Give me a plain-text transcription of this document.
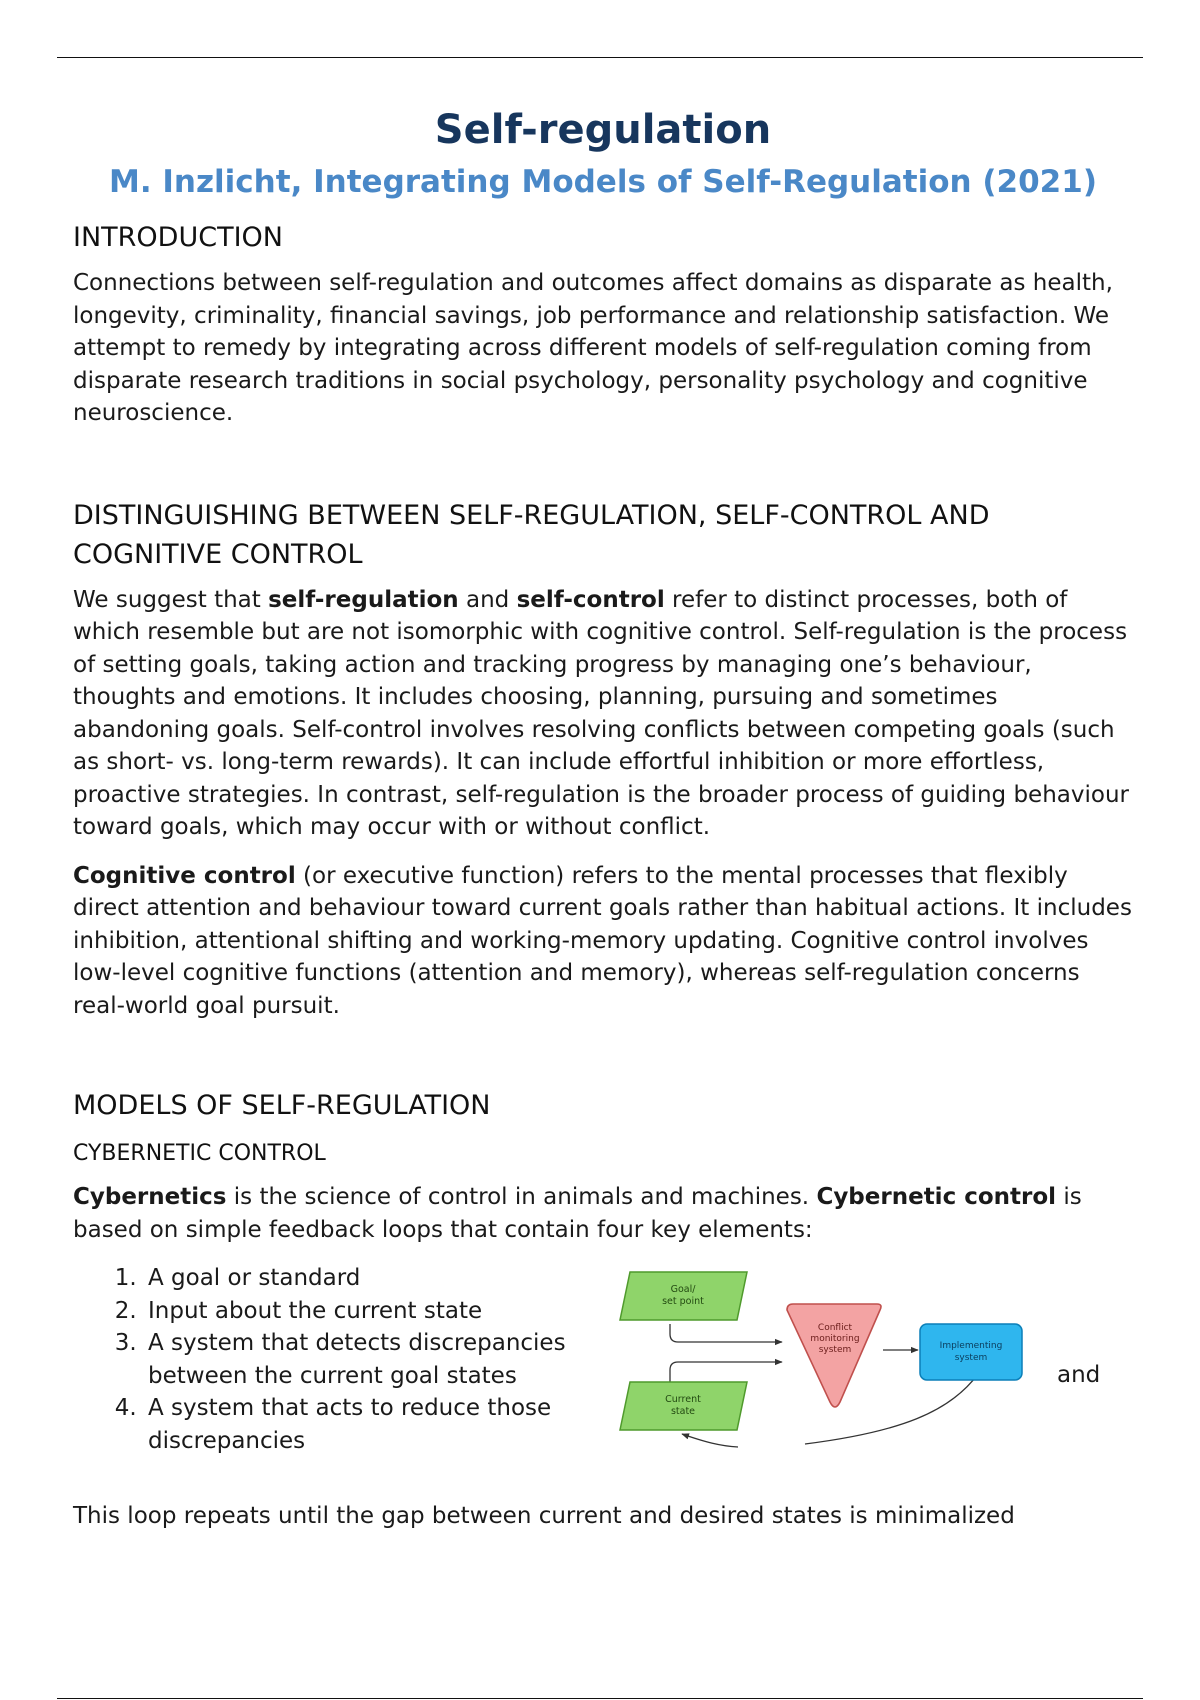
Self-regulation
M. Inzlicht, Integrating Models of Self-Regulation (2021)
INTRODUCTION

Connections between self-regulation and outcomes affect domains as disparate as health, longevity, criminality, financial savings, job performance and relationship satisfaction. We attempt to remedy by integrating across different models of self-regulation coming from disparate research traditions in social psychology, personality psychology and cognitive neuroscience.

DISTINGUISHING BETWEEN SELF-REGULATION, SELF-CONTROL AND COGNITIVE CONTROL

We suggest that self-regulation and self-control refer to distinct processes, both of which resemble but are not isomorphic with cognitive control. Self-regulation is the process of setting goals, taking action and tracking progress by managing one’s behaviour, thoughts and emotions. It includes choosing, planning, pursuing and sometimes abandoning goals. Self-control involves resolving conflicts between competing goals (such as short- vs. long-term rewards). It can include effortful inhibition or more effortless, proactive strategies. In contrast, self-regulation is the broader process of guiding behaviour toward goals, which may occur with or without conflict.

Cognitive control (or executive function) refers to the mental processes that flexibly direct attention and behaviour toward current goals rather than habitual actions. It includes inhibition, attentional shifting and working-memory updating. Cognitive control involves low-level cognitive functions (attention and memory), whereas self-regulation concerns real-world goal pursuit.

MODELS OF SELF-REGULATION
CYBERNETIC CONTROL

Cybernetics is the science of control in animals and machines. Cybernetic control is based on simple feedback loops that contain four key elements:

1. A goal or standard
2. Input about the current state
3. A system that detects discrepancies between the current goal states
4. A system that acts to reduce those discrepancies
Goal/
set point
Current
state
Conflict
monitoring
system	Implementing
system
and

This loop repeats until the gap between current and desired states is minimalized
